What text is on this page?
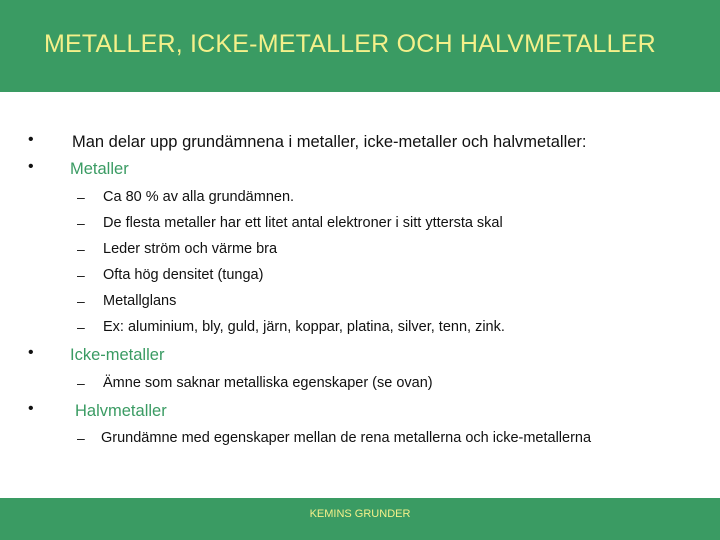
METALLER, ICKE-METALLER OCH HALVMETALLER
• Man delar upp grundämnena i metaller, icke-metaller och halvmetaller:
• Metaller
– Ca 80 % av alla grundämnen.
– De flesta metaller har ett litet antal elektroner i sitt yttersta skal
– Leder ström och värme bra
– Ofta hög densitet (tunga)
– Metallglans
– Ex: aluminium, bly, guld, järn, koppar, platina, silver, tenn, zink.
• Icke-metaller
– Ämne som saknar metalliska egenskaper (se ovan)
•	Halvmetaller
– Grundämne med egenskaper mellan de rena metallerna och icke-metallerna
KEMINS GRUNDER
